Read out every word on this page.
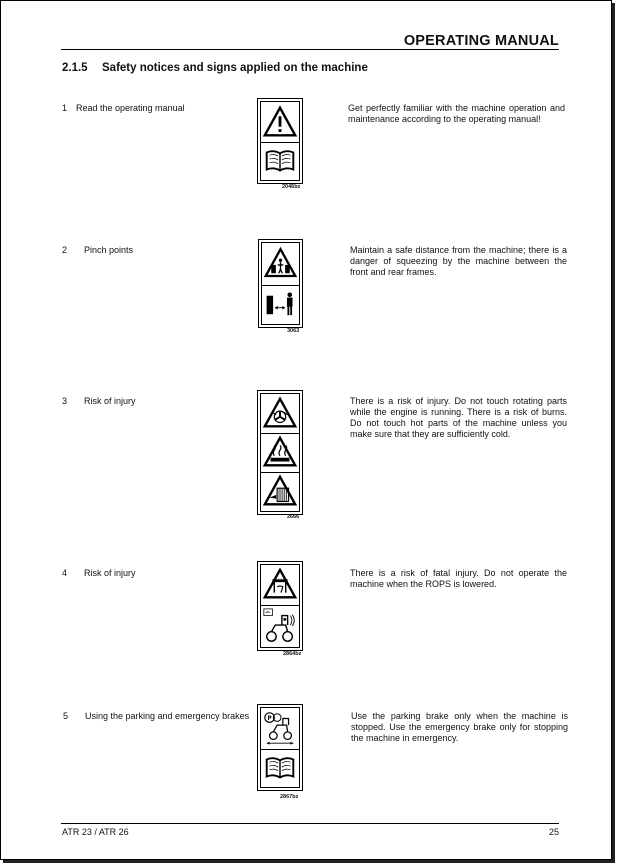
OPERATING MANUAL
2.1.5 Safety notices and signs applied on the machine
1 Read the operating manual
2046bz
Get perfectly familiar with the machine operation and maintenance according to the operating manual!
2 Pinch points
3063
Maintain a safe distance from the machine; there is a danger of squeezing by the machine between the front and rear frames.
3 Risk of injury
2666
There is a risk of injury. Do not touch rotating parts while the engine is running. There is a risk of burns. Do not touch hot parts of the machine unless you make sure that they are sufficiently cold.
4 Risk of injury
2864bz
There is a risk of fatal injury. Do not operate the machine when the ROPS is lowered.
5 Using the parking and emergency brakes	P
2867bz
Use the parking brake only when the machine is stopped. Use the emergency brake only for stopping the machine in emergency.
ATR 23 / ATR 26	25
